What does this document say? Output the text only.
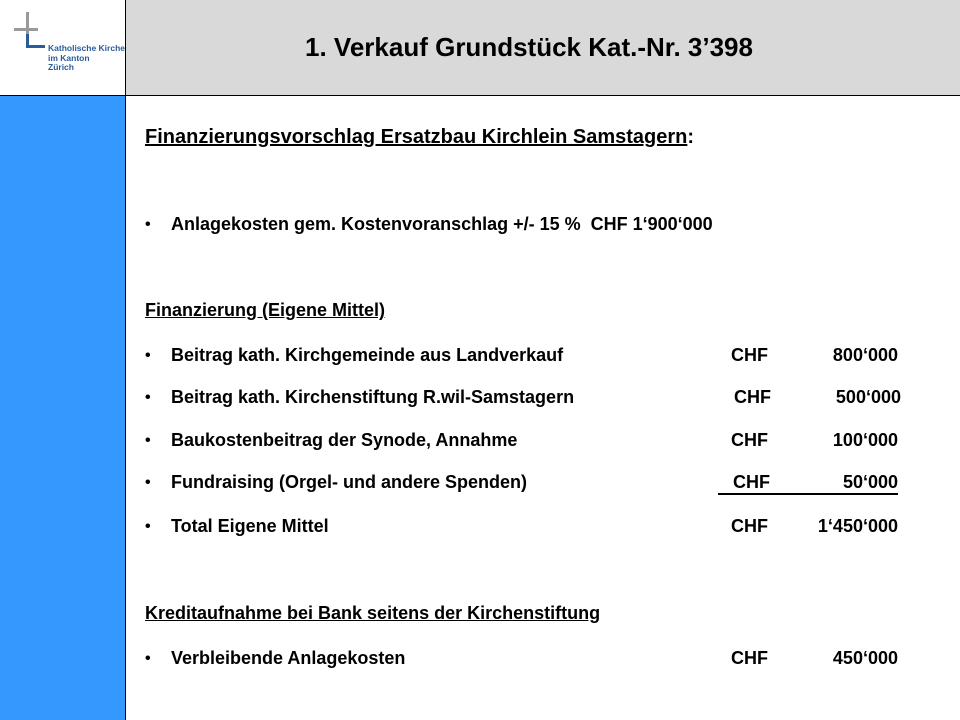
Katholische Kirche
im Kanton
Zürich
1. Verkauf Grundstück Kat.-Nr. 3’398
Finanzierungsvorschlag Ersatzbau Kirchlein Samstagern:
• Anlagekosten gem. Kostenvoranschlag +/- 15 %  CHF 1‘900‘000
Finanzierung (Eigene Mittel)
• Beitrag kath. Kirchgemeinde aus Landverkauf	CHF	800‘000
• Beitrag kath. Kirchenstiftung R.wil-Samstagern	CHF	500‘000
• Baukostenbeitrag der Synode, Annahme	CHF	100‘000
• Fundraising (Orgel- und andere Spenden)	CHF	50‘000
• Total Eigene Mittel	CHF	1‘450‘000
Kreditaufnahme bei Bank seitens der Kirchenstiftung
• Verbleibende Anlagekosten	CHF	450‘000
